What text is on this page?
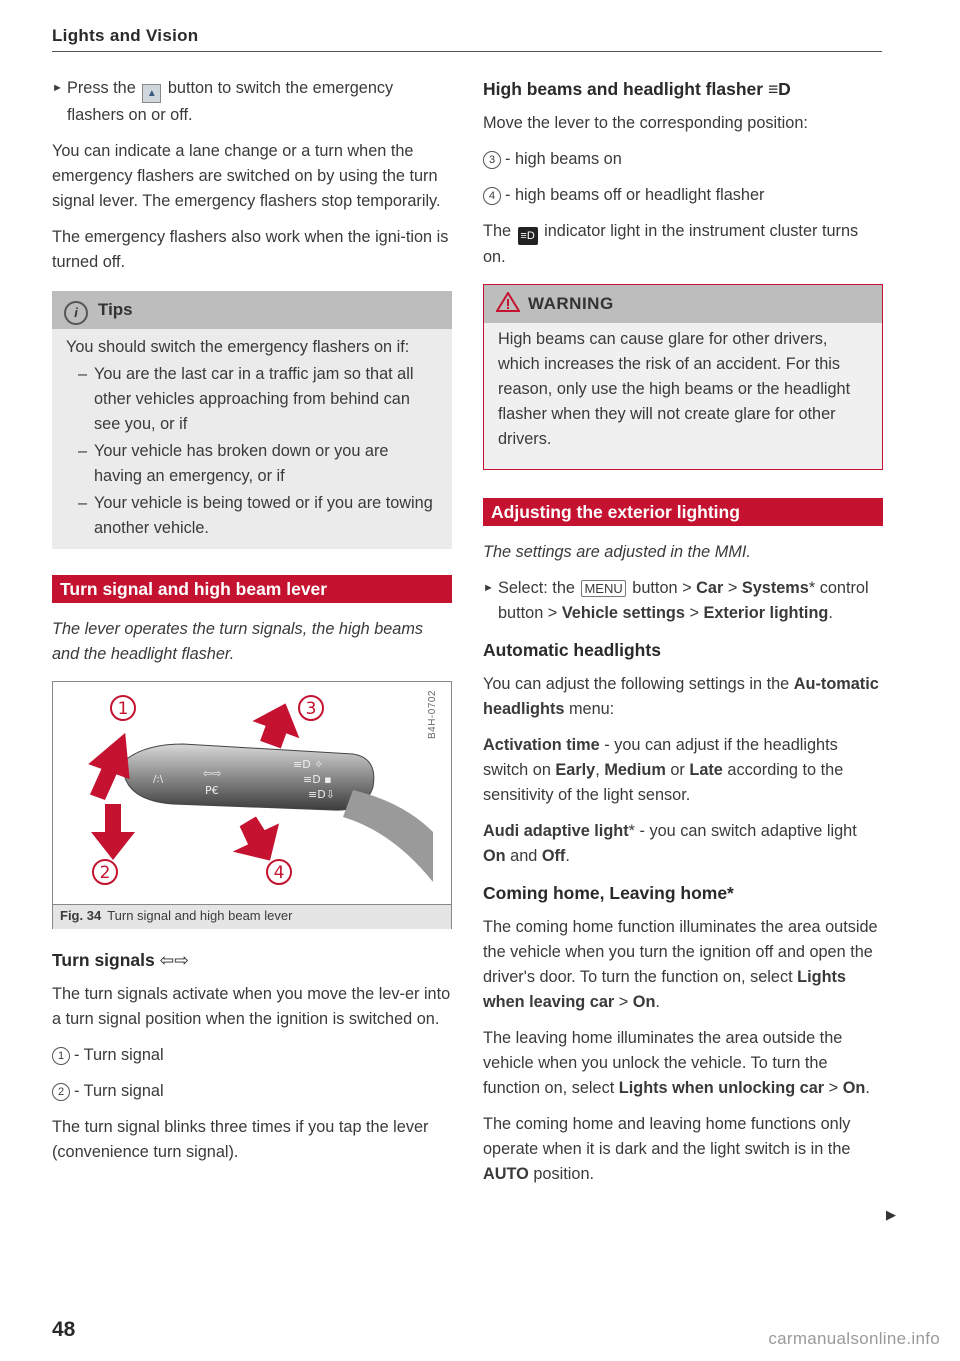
Lights and Vision

► Press the ▲ button to switch the emergency flashers on or off.

You can indicate a lane change or a turn when the emergency flashers are switched on by using the turn signal lever. The emergency flashers stop temporarily.

The emergency flashers also work when the igni-tion is turned off.

i Tips

You should switch the emergency flashers on if:

– You are the last car in a traffic jam so that all other vehicles approaching from behind can see you, or if

– Your vehicle has broken down or you are having an emergency, or if

– Your vehicle is being towed or if you are towing another vehicle.

Turn signal and high beam lever

The lever operates the turn signals, the high beams and the headlight flasher.

B4H-0702
/:\	⇦⇨
P€
≡D ✧
≡D ▪
≡D⇩
1
2
3
4
Fig. 34 Turn signal and high beam lever
Turn signals ⇦⇨

The turn signals activate when you move the lev-er into a turn signal position when the ignition is switched on.

1 - Turn signal

2 - Turn signal

The turn signal blinks three times if you tap the lever (convenience turn signal).

High beams and headlight flasher ≡D

Move the lever to the corresponding position:

3 - high beams on

4 - high beams off or headlight flasher

The ≡D indicator light in the instrument cluster turns on.

WARNING

High beams can cause glare for other drivers, which increases the risk of an accident. For this reason, only use the high beams or the headlight flasher when they will not create glare for other drivers.

Adjusting the exterior lighting

The settings are adjusted in the MMI.

► Select: the MENU button > Car > Systems* control button > Vehicle settings > Exterior lighting.

Automatic headlights

You can adjust the following settings in the Au-tomatic headlights menu:

Activation time - you can adjust if the headlights switch on Early, Medium or Late according to the sensitivity of the light sensor.

Audi adaptive light* - you can switch adaptive light On and Off.

Coming home, Leaving home*

The coming home function illuminates the area outside the vehicle when you turn the ignition off and open the driver's door. To turn the function on, select Lights when leaving car > On.

The leaving home illuminates the area outside the vehicle when you unlock the vehicle. To turn the function on, select Lights when unlocking car > On.

The coming home and leaving home functions only operate when it is dark and the light switch is in the AUTO position.

▶
48	carmanualsonline.info
